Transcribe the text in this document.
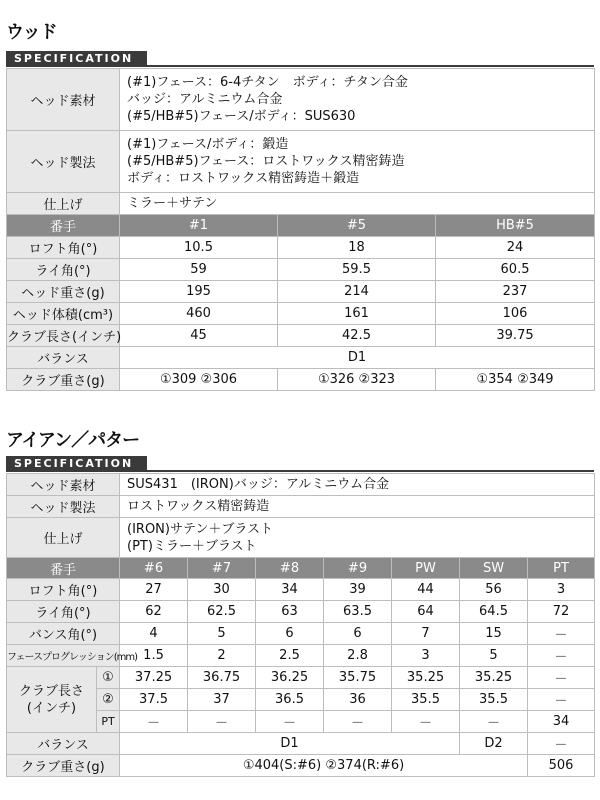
ウッド
SPECIFICATION
ヘッド素材	(#1)フェース：6-4チタン　ボディ：チタン合金
バッジ：アルミニウム合金
(#5/HB#5)フェース/ボディ：SUS630		

ヘッド製法	(#1)フェース/ボディ：鍛造
(#5/HB#5)フェース：ロストワックス精密鋳造
ボディ：ロストワックス精密鋳造＋鍛造		

仕上げ	ミラー＋サテン		
番手	#1	#5	HB#5
ロフト角(°)	10.5	18	24
ライ角(°)	59	59.5	60.5
ヘッド重さ(g)	195	214	237
ヘッド体積(cm³)	460	161	106
クラブ長さ(インチ)	45	42.5	39.75
バランス	D1		
クラブ重さ(g)	①309 ②306	①326 ②323	①354 ②349
アイアン／パター
SPECIFICATION
ヘッド素材		SUS431　(IRON)バッジ：アルミニウム合金						
ヘッド製法		ロストワックス精密鋳造						
仕上げ		(IRON)サテン＋ブラスト
(PT)ミラー＋ブラスト						

番手		#6	#7	#8	#9	PW	SW	PT
ロフト角(°)		27	30	34	39	44	56	3
ライ角(°)		62	62.5	63	63.5	64	64.5	72
バンス角(°)		4	5	6	6	7	15	－
フェースプログレッション(mm)		1.5	2	2.5	2.8	3	5	－

クラブ長さ
(インチ)	①	37.25	36.75	36.25	35.75	35.25	35.25	－
	②	37.5	37	36.5	36	35.5	35.5	－
	PT	－	－	－	－	－	－	34
バランス		D1					D2	－
クラブ重さ(g)		①404(S:#6) ②374(R:#6)						506
